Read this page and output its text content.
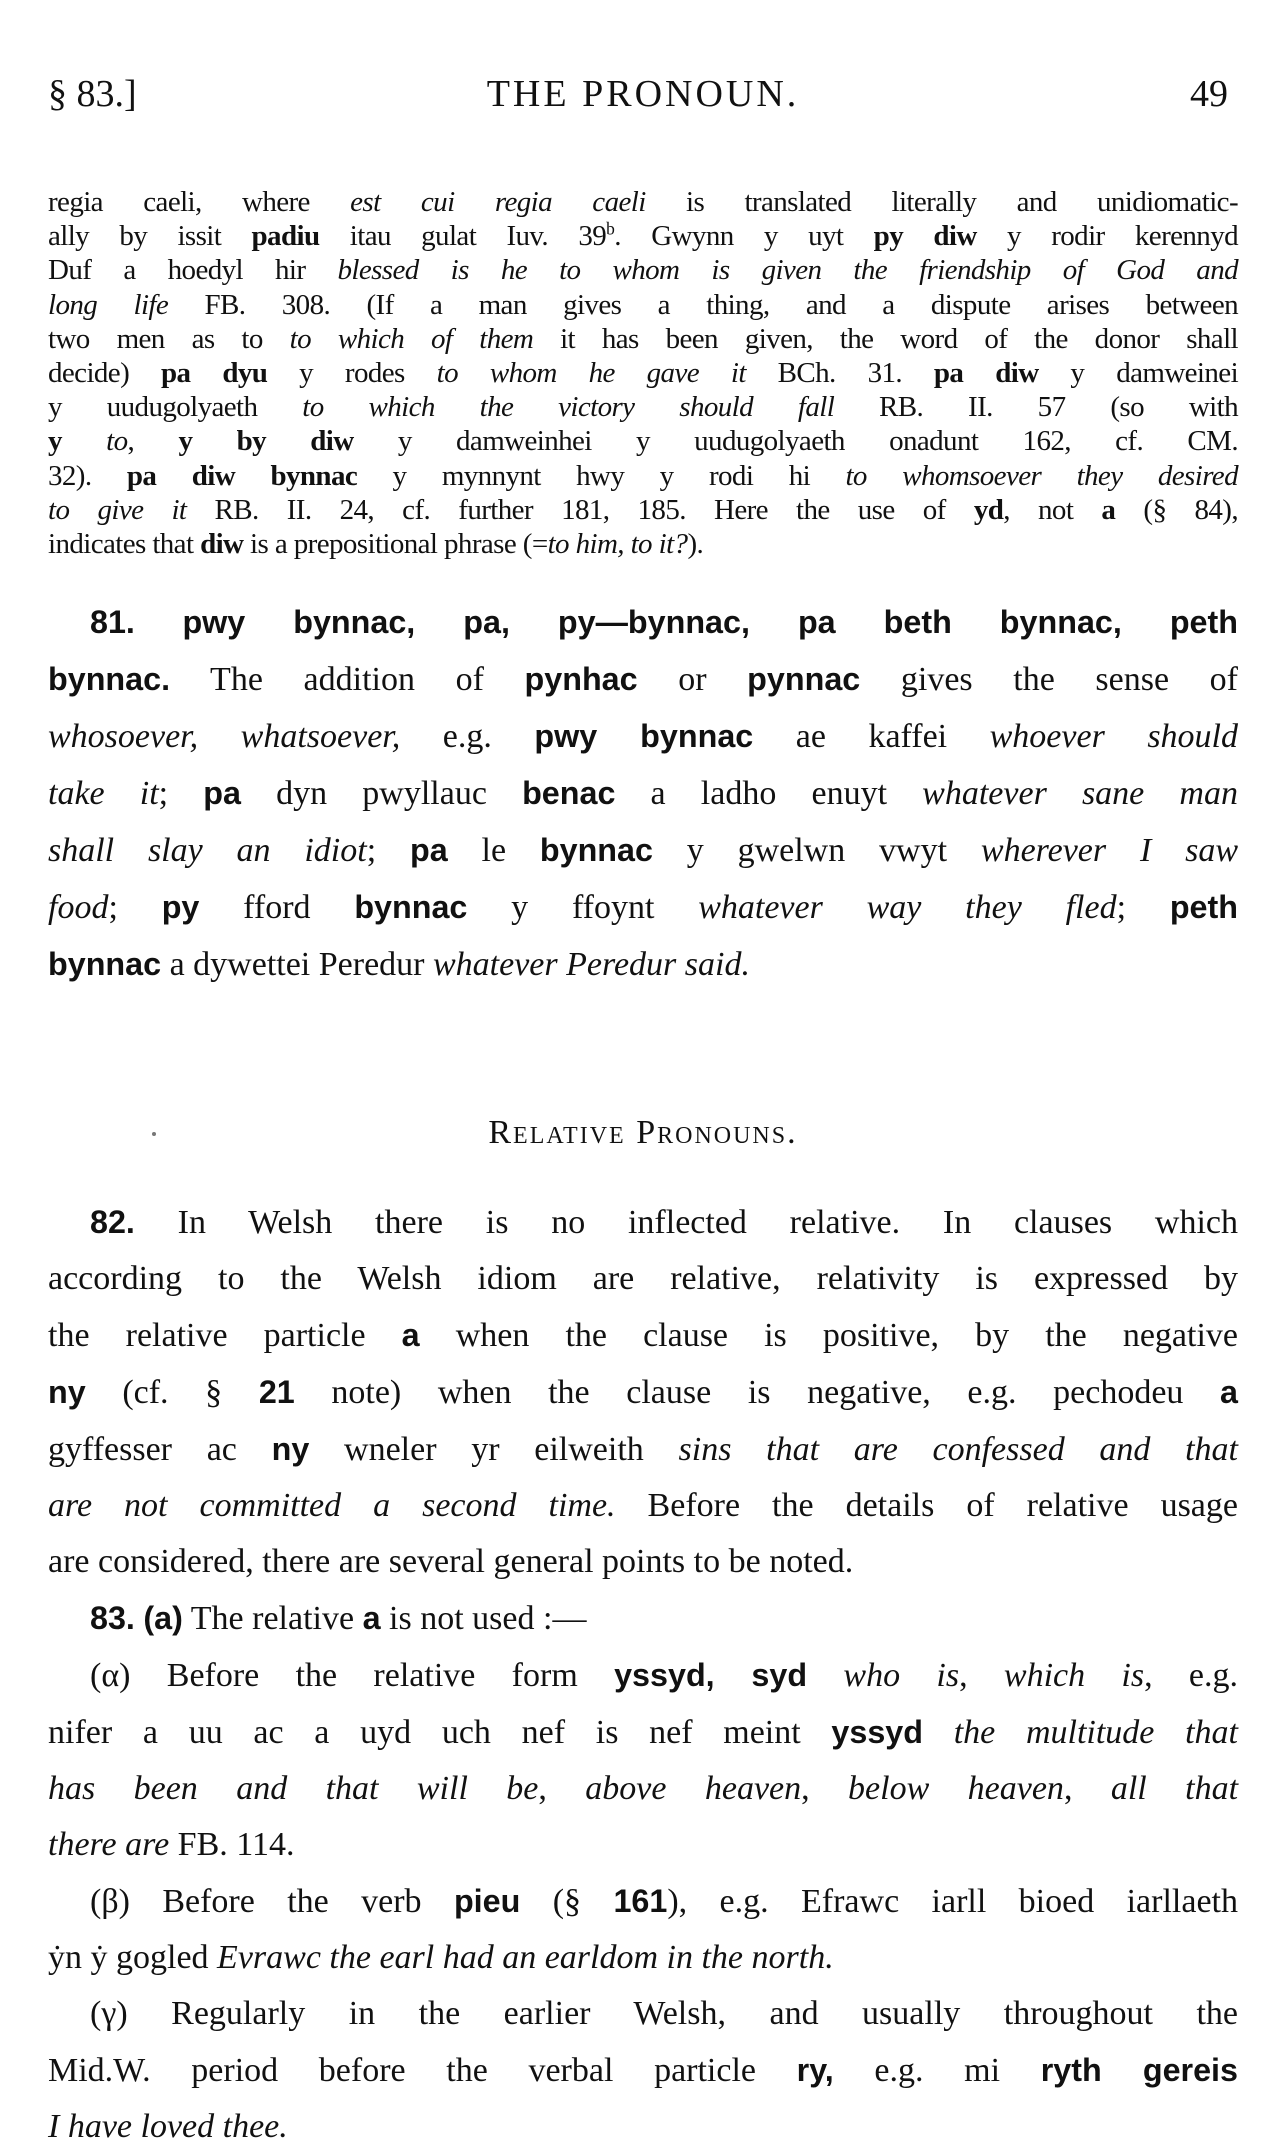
§ 83.]	THE PRONOUN.	49
regia caeli, where est cui regia caeli is translated literally and unidiomatic-
ally by issit padiu itau gulat Iuv. 39$^b$. Gwynn y uyt py diw y rodir kerennyd
Duf a hoedyl hir blessed is he to whom is given the friendship of God and
long life FB. 308. (If a man gives a thing, and a dispute arises between
two men as to to which of them it has been given, the word of the donor shall
decide) pa dyu y rodes to whom he gave it BCh. 31. pa diw y damweinei
y uudugolyaeth to which the victory should fall RB. II. 57 (so with
y to, y by diw y damweinhei y uudugolyaeth onadunt 162, cf. CM.
32). pa diw bynnac y mynnynt hwy y rodi hi to whomsoever they desired
to give it RB. II. 24, cf. further 181, 185. Here the use of yd, not a (§ 84),
indicates that diw is a prepositional phrase (=to him, to it?).
81. pwy bynnac, pa, py—bynnac, pa beth bynnac, peth
bynnac. The addition of pynhac or pynnac gives the sense of
whosoever, whatsoever, e.g. pwy bynnac ae kaffei whoever should
take it; pa dyn pwyllauc benac a ladho enuyt whatever sane man
shall slay an idiot; pa le bynnac y gwelwn vwyt wherever I saw
food; py fford bynnac y ffoynt whatever way they fled; peth
bynnac a dywettei Peredur whatever Peredur said.
Relative Pronouns.
82. In Welsh there is no inflected relative. In clauses which
according to the Welsh idiom are relative, relativity is expressed by
the relative particle a when the clause is positive, by the negative
ny (cf. § 21 note) when the clause is negative, e.g. pechodeu a
gyffesser ac ny wneler yr eilweith sins that are confessed and that
are not committed a second time. Before the details of relative usage
are considered, there are several general points to be noted.
83. (a) The relative a is not used :—
(α) Before the relative form yssyd, syd who is, which is, e.g.
nifer a uu ac a uyd uch nef is nef meint yssyd the multitude that
has been and that will be, above heaven, below heaven, all that
there are FB. 114.
(β) Before the verb pieu (§ 161), e.g. Efrawc iarll bioed iarllaeth
ẏn ẏ gogled Evrawc the earl had an earldom in the north.
(γ) Regularly in the earlier Welsh, and usually throughout the
Mid.W. period before the verbal particle ry, e.g. mi ryth gereis
I have loved thee.
